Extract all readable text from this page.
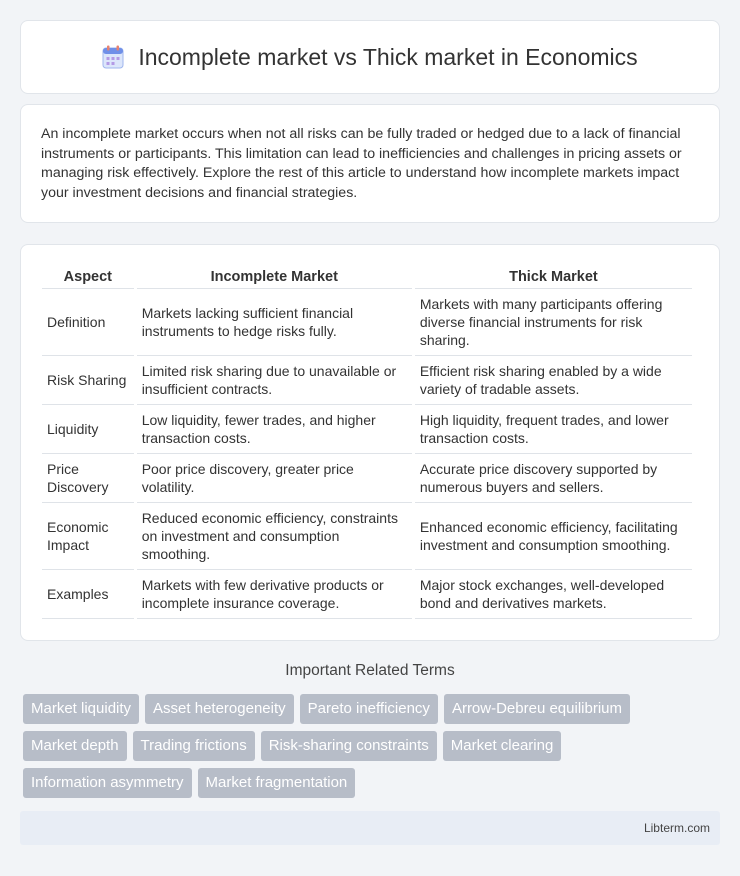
Incomplete market vs Thick market in Economics

An incomplete market occurs when not all risks can be fully traded or hedged due to a lack of financial instruments or participants. This limitation can lead to inefficiencies and challenges in pricing assets or managing risk effectively. Explore the rest of this article to understand how incomplete markets impact your investment decisions and financial strategies.

Aspect	Incomplete Market	Thick Market
Definition	Markets lacking sufficient financial instruments to hedge risks fully.	Markets with many participants offering diverse financial instruments for risk sharing.
Risk Sharing	Limited risk sharing due to unavailable or insufficient contracts.	Efficient risk sharing enabled by a wide variety of tradable assets.
Liquidity	Low liquidity, fewer trades, and higher transaction costs.	High liquidity, frequent trades, and lower transaction costs.
Price Discovery	Poor price discovery, greater price volatility.	Accurate price discovery supported by numerous buyers and sellers.
Economic Impact	Reduced economic efficiency, constraints on investment and consumption smoothing.	Enhanced economic efficiency, facilitating investment and consumption smoothing.
Examples	Markets with few derivative products or incomplete insurance coverage.	Major stock exchanges, well-developed bond and derivatives markets.
Important Related Terms
Market liquidity	Asset heterogeneity	Pareto inefficiency	Arrow-Debreu equilibrium
Market depth	Trading frictions	Risk-sharing constraints	Market clearing
Information asymmetry	Market fragmentation
Libterm.com
